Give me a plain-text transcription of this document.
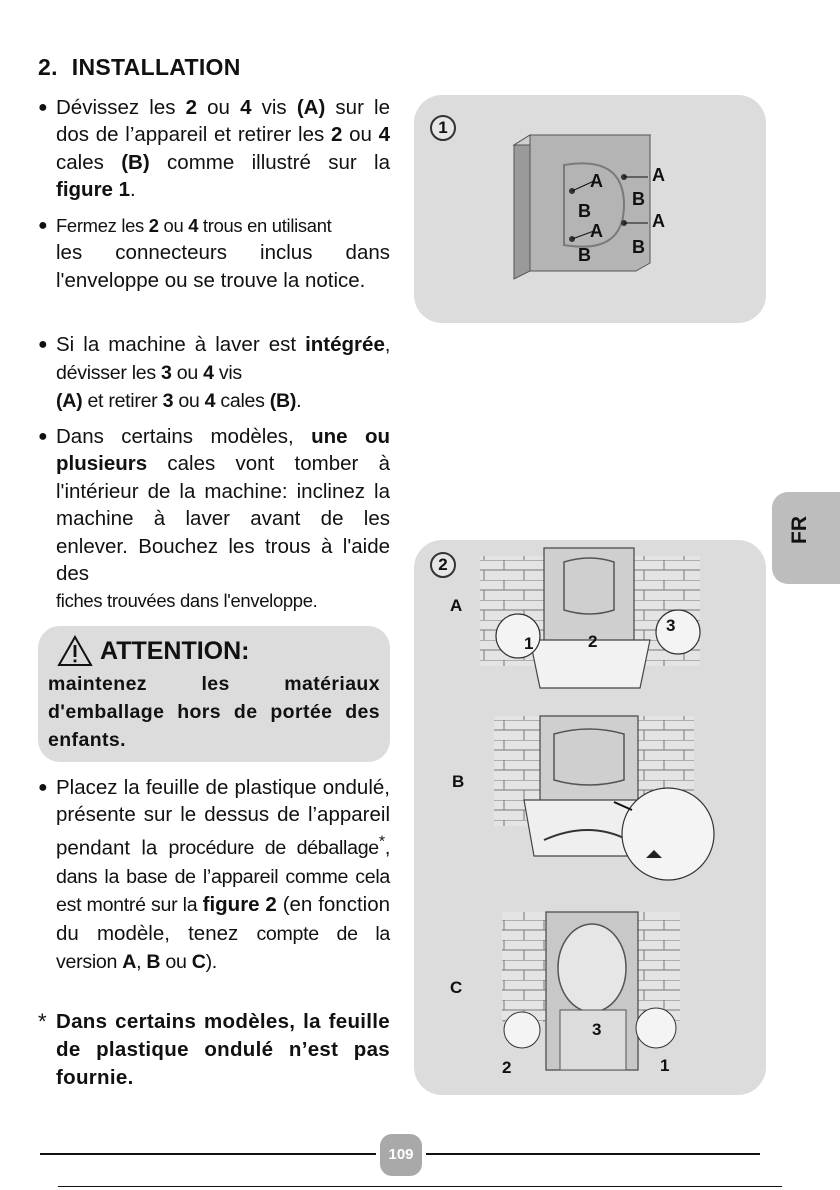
2. INSTALLATION
● Dévissez les 2 ou 4 vis (A) sur le dos de l’appareil et retirer les 2 ou 4 cales (B) comme illustré sur la figure 1.
● Fermez les 2 ou 4 trous en utilisant
les connecteurs inclus dans l'enveloppe ou se trouve la notice.
● Si la machine à laver est intégrée, dévisser les 3 ou 4 vis
(A) et retirer 3 ou 4 cales (B).
● Dans certains modèles, une ou plusieurs cales vont tomber à l'intérieur de la machine: inclinez la machine à laver avant de les enlever. Bouchez les trous à l'aide des
fiches trouvées dans l'enveloppe.
ATTENTION:
maintenez les matériaux d'emballage hors de portée des enfants.
● Placez la feuille de plastique ondulé, présente sur le dessus de l’appareil pendant la procédure de déballage*, dans la base de l’appareil comme cela est montré sur la figure 2 (en fonction du modèle, tenez compte de la version A, B ou C).
* Dans certains modèles, la feuille de plastique ondulé n’est pas fournie.
1
A
B
A
B
A
B
A
B
FR
2
A
B
C
1	2
3
3
2	1
109
